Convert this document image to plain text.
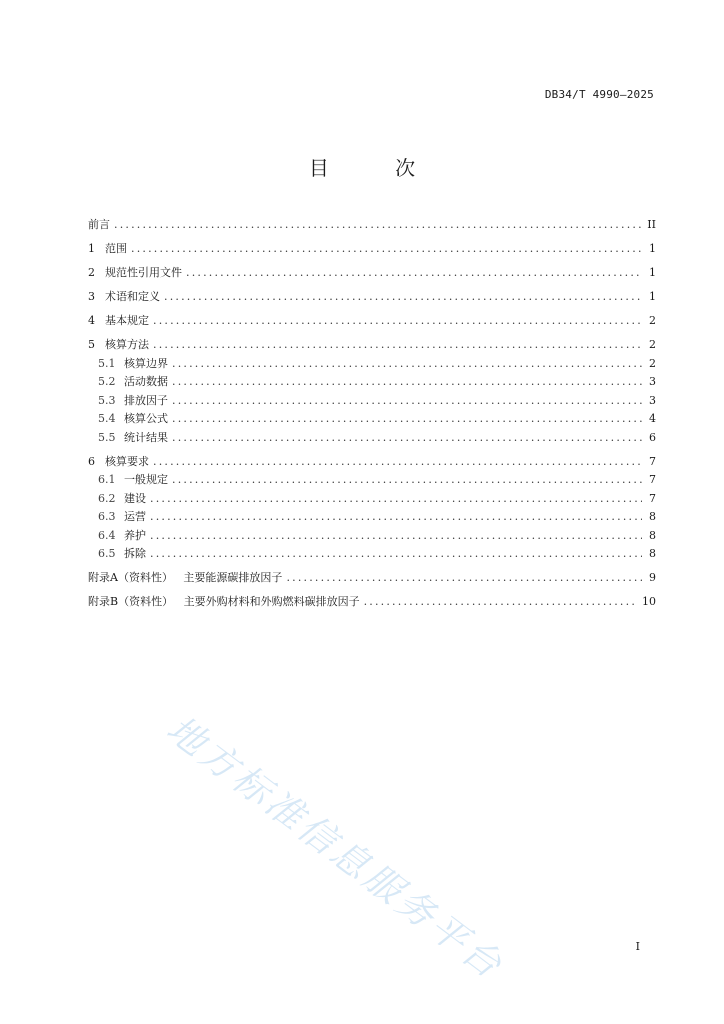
DB34/T 4990—2025
目 次
前言 .....	II
1 范围 .....	1
2 规范性引用文件 .....	1
3 术语和定义 .....	1
4 基本规定 .....	2
5 核算方法 .....	2
5.1 核算边界 .....	2
5.2 活动数据 .....	3
5.3 排放因子 .....	3
5.4 核算公式 .....	4
5.5 统计结果 .....	6
6 核算要求 .....	7
6.1 一般规定 .....	7
6.2 建设 .....	7
6.3 运营 .....	8
6.4 养护 .....	8
6.5 拆除 .....	8
附录A（资料性）   主要能源碳排放因子 .....	9
附录B（资料性）   主要外购材料和外购燃料碳排放因子 .....	10
地方标准信息服务平台	I
